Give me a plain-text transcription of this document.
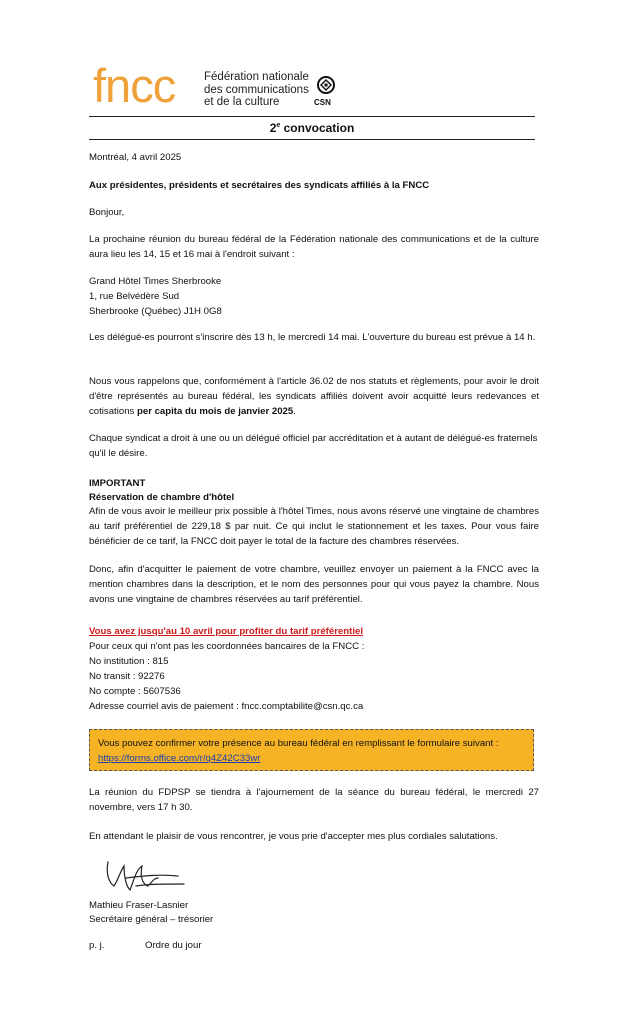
fncc	Fédération nationale
des communications
et de la culture	CSN
2e convocation
Montréal, 4 avril 2025
Aux présidentes, présidents et secrétaires des syndicats affiliés à la FNCC
Bonjour,
La prochaine réunion du bureau fédéral de la Fédération nationale des communications et de la culture aura lieu les 14, 15 et 16 mai à l'endroit suivant :
Grand Hôtel Times Sherbrooke
1, rue Belvédère Sud
Sherbrooke (Québec) J1H 0G8
Les délégué-es pourront s'inscrire dès 13 h, le mercredi 14 mai. L'ouverture du bureau est prévue à 14 h.
Nous vous rappelons que, conformément à l'article 36.02 de nos statuts et règlements, pour avoir le droit d'être représentés au bureau fédéral, les syndicats affiliés doivent avoir acquitté leurs redevances et cotisations per capita du mois de janvier 2025.
Chaque syndicat a droit à une ou un délégué officiel par accréditation et à autant de délégué-es fraternels qu'il le désire.
IMPORTANT
Réservation de chambre d'hôtel
Afin de vous avoir le meilleur prix possible à l'hôtel Times, nous avons réservé une vingtaine de chambres au tarif préférentiel de 229,18 $ par nuit. Ce qui inclut le stationnement et les taxes. Pour vous faire bénéficier de ce tarif, la FNCC doit payer le total de la facture des chambres réservées.
Donc, afin d'acquitter le paiement de votre chambre, veuillez envoyer un paiement à la FNCC avec la mention chambres dans la description, et le nom des personnes pour qui vous payez la chambre. Nous avons une vingtaine de chambres réservées au tarif préférentiel.
Vous avez jusqu'au 10 avril pour profiter du tarif préférentiel
Pour ceux qui n'ont pas les coordonnées bancaires de la FNCC :
No institution : 815
No transit : 92276
No compte : 5607536
Adresse courriel avis de paiement : fncc.comptabilite@csn.qc.ca
Vous pouvez confirmer votre présence au bureau fédéral en remplissant le formulaire suivant :
https://forms.office.com/r/q4Z42C33wr
La réunion du FDPSP se tiendra à l'ajournement de la séance du bureau fédéral, le mercredi 27 novembre, vers 17 h 30.
En attendant le plaisir de vous rencontrer, je vous prie d'accepter mes plus cordiales salutations.
Mathieu Fraser-Lasnier
Secrétaire général – trésorier
p. j.	Ordre du jour
